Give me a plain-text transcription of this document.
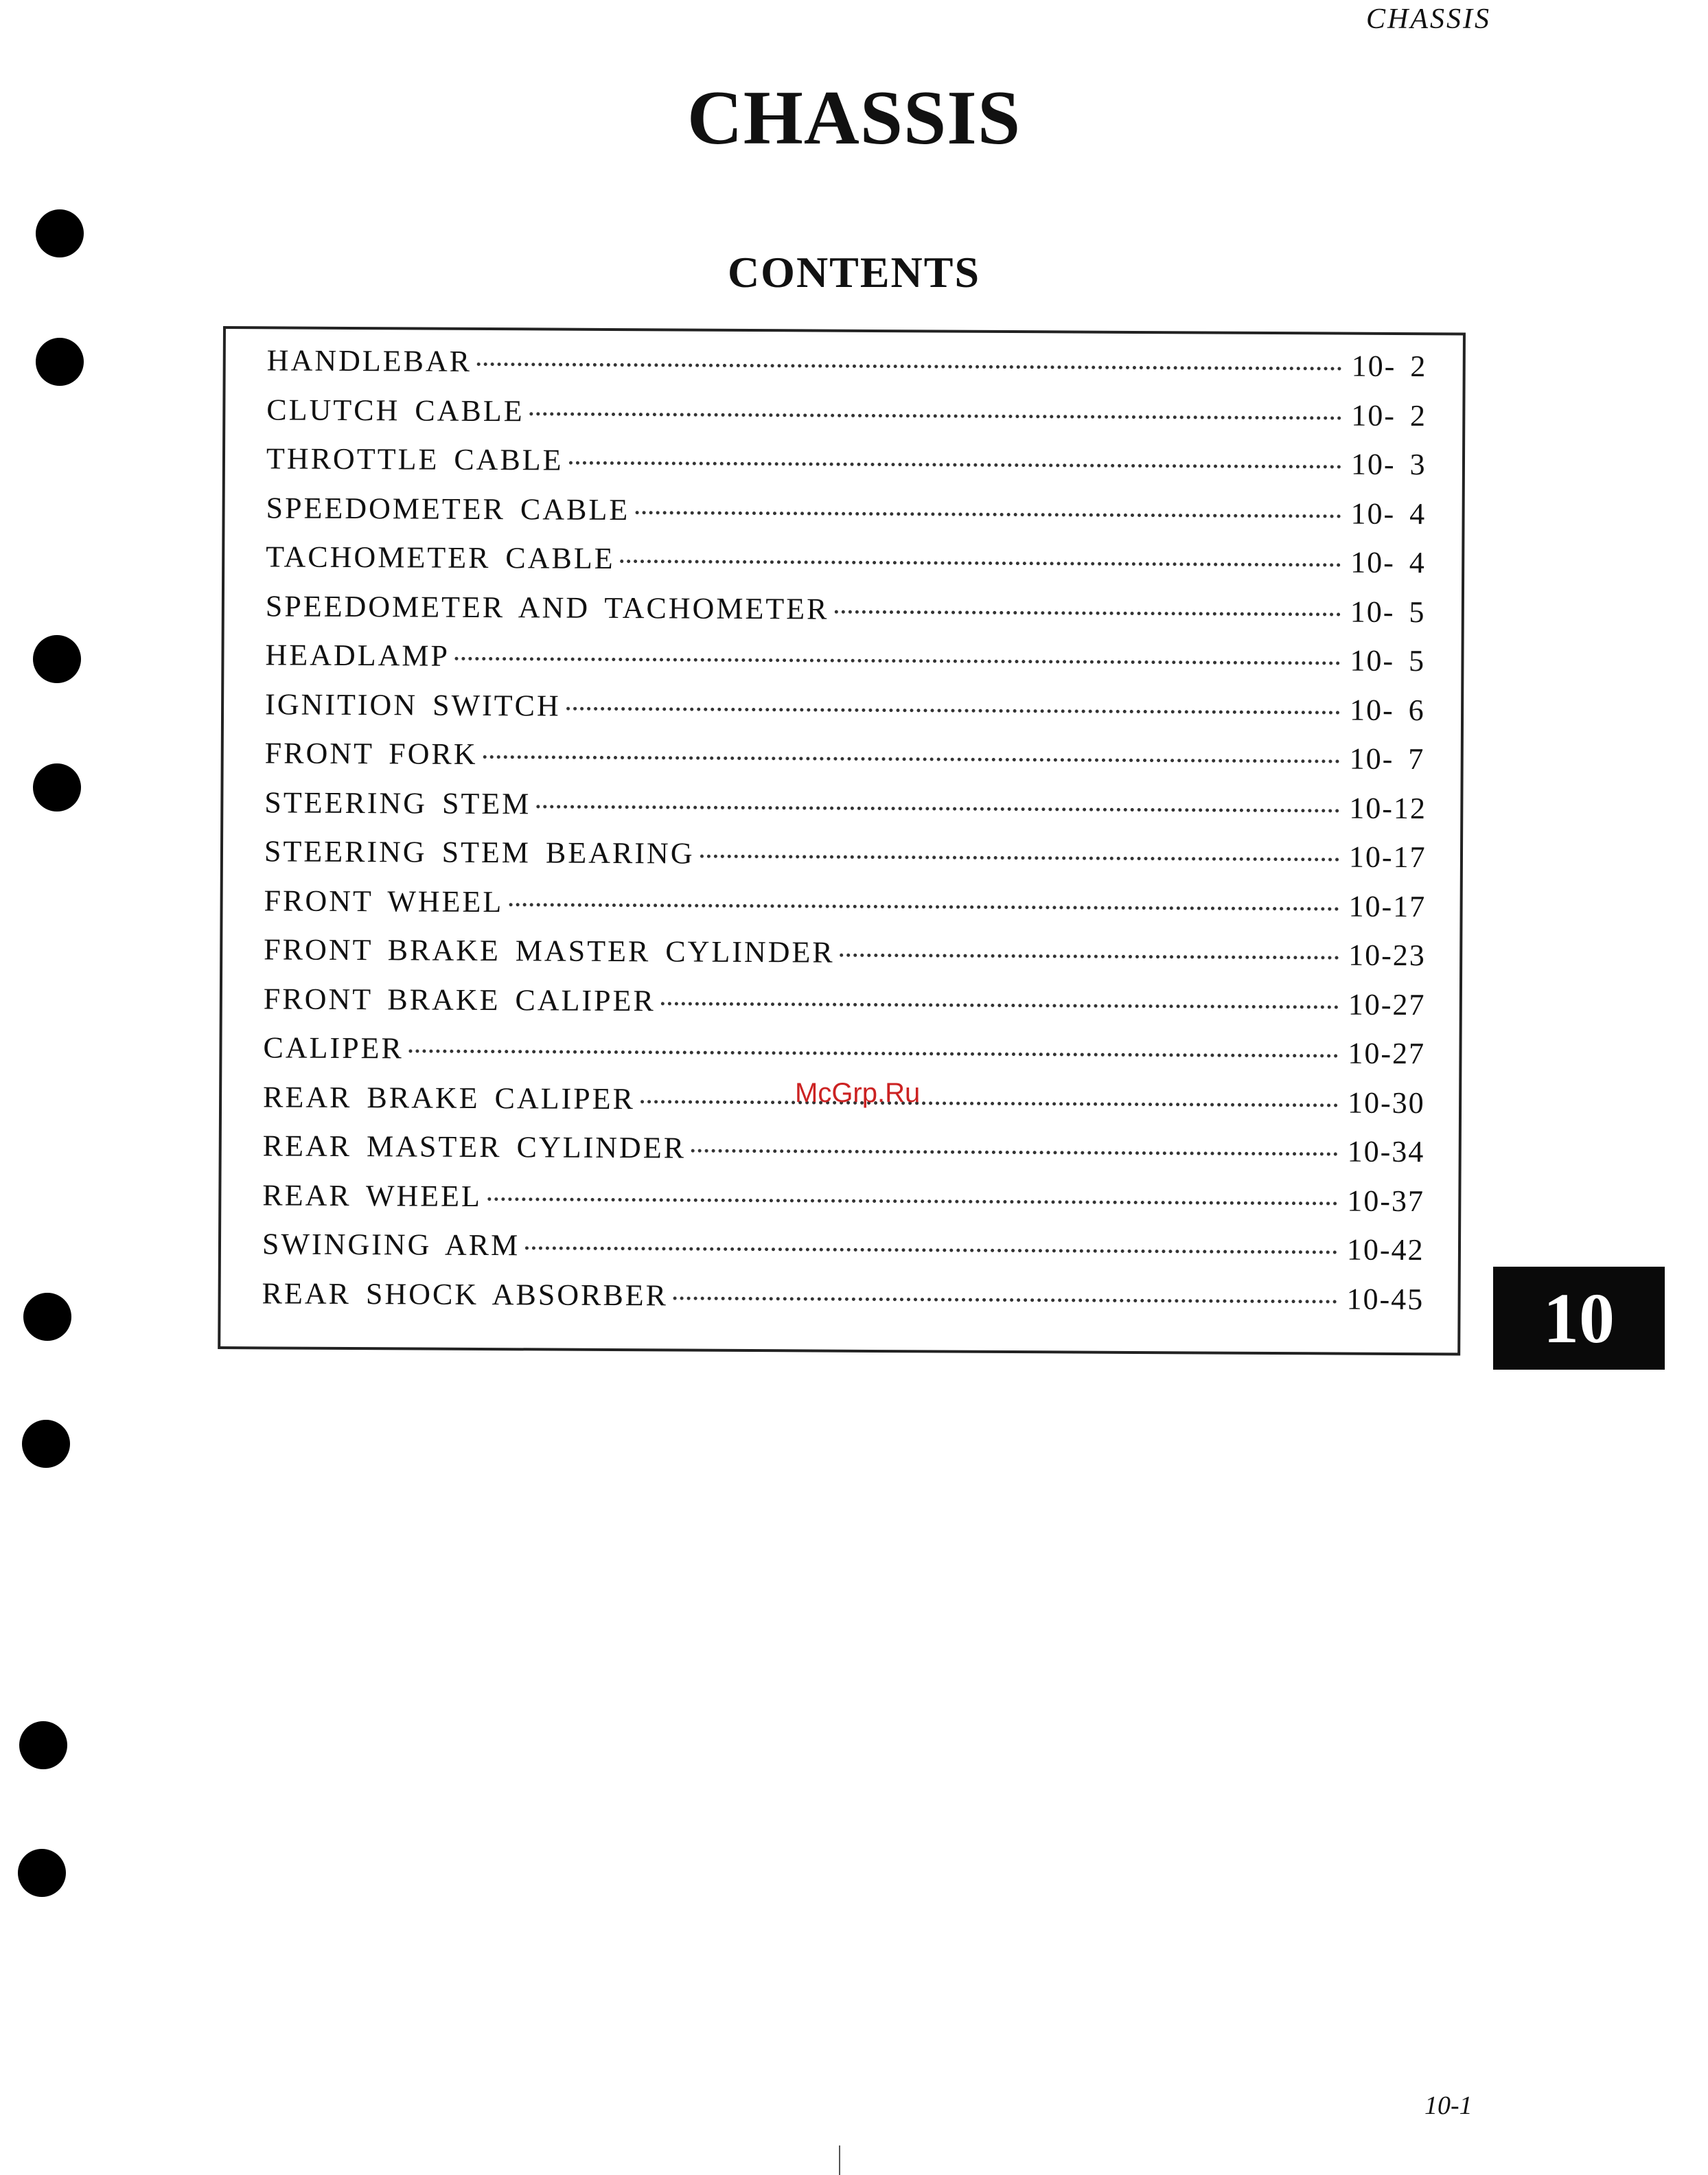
CHASSIS
CHASSIS
CONTENTS
HANDLEBAR	10- 2
CLUTCH CABLE	10- 2
THROTTLE CABLE	10- 3
SPEEDOMETER CABLE	10- 4
TACHOMETER CABLE	10- 4
SPEEDOMETER AND TACHOMETER	10- 5
HEADLAMP	10- 5
IGNITION SWITCH	10- 6
FRONT FORK	10- 7
STEERING STEM	10-12
STEERING STEM BEARING	10-17
FRONT WHEEL	10-17
FRONT BRAKE MASTER CYLINDER	10-23
FRONT BRAKE CALIPER	10-27
CALIPER	10-27
REAR BRAKE CALIPER	10-30
REAR MASTER CYLINDER	10-34
REAR WHEEL	10-37
SWINGING ARM	10-42
REAR SHOCK ABSORBER	10-45
McGrp.Ru
10
10-1
